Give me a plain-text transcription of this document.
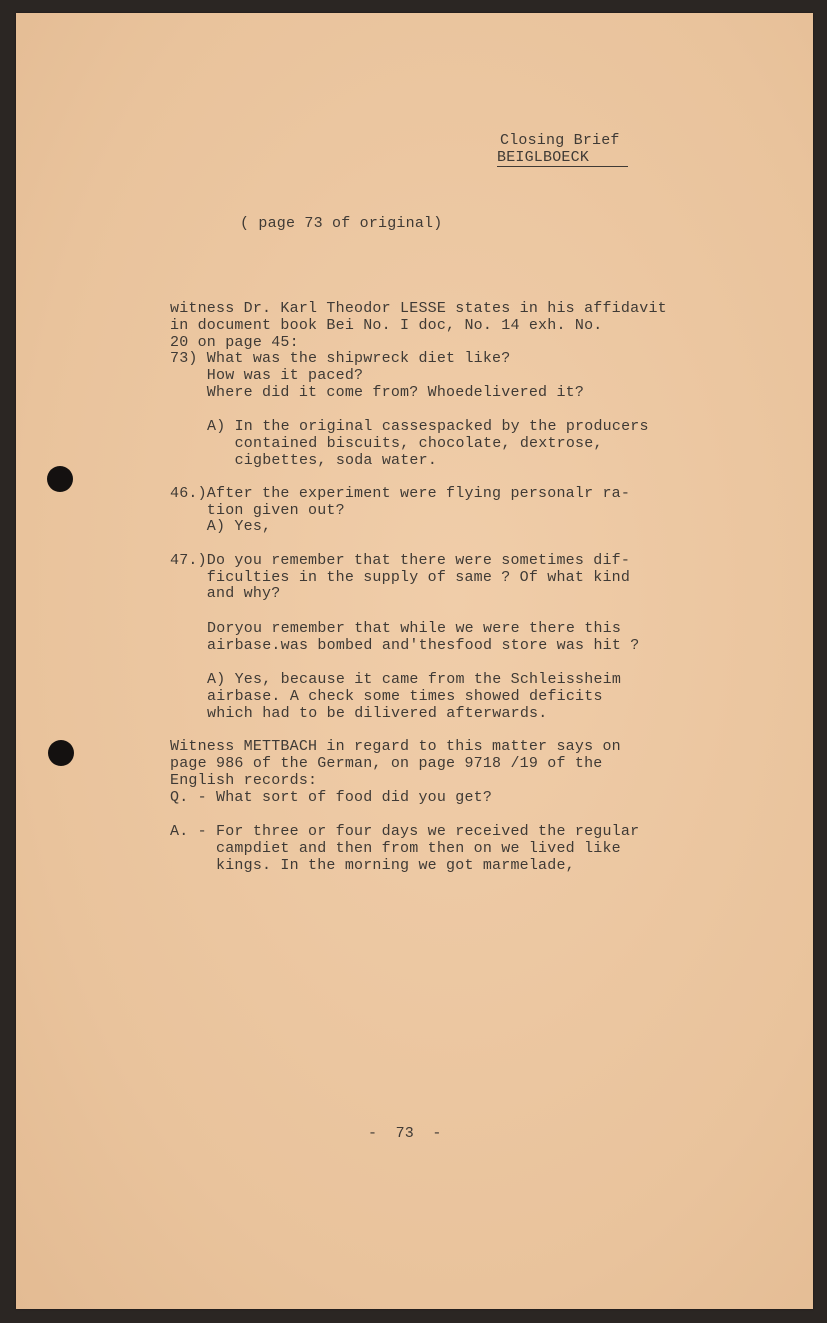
Closing Brief

BEIGLBOECK

( page 73 of original)

witness Dr. Karl Theodor LESSE states in his affidavit

in document book Bei No. I doc, No. 14 exh. No.

20 on page 45:

73) What was the shipwreck diet like?

How was it paced?

Where did it come from? Whoedelivered it?

A) In the original cassespacked by the producers

contained biscuits, chocolate, dextrose,

cigbettes, soda water.

46.)After the experiment were flying personalr ra-

tion given out?

A) Yes,

47.)Do you remember that there were sometimes dif-

ficulties in the supply of same ? Of what kind

and why?

Doryou remember that while we were there this

airbase.was bombed and'thesfood store was hit ?

A) Yes, because it came from the Schleissheim

airbase. A check some times showed deficits

which had to be dilivered afterwards.

Witness METTBACH in regard to this matter says on

page 986 of the German, on page 9718 /19 of the

English records:

Q. - What sort of food did you get?

A. - For three or four days we received the regular

campdiet and then from then on we lived like

kings. In the morning we got marmelade,

-  73  -
